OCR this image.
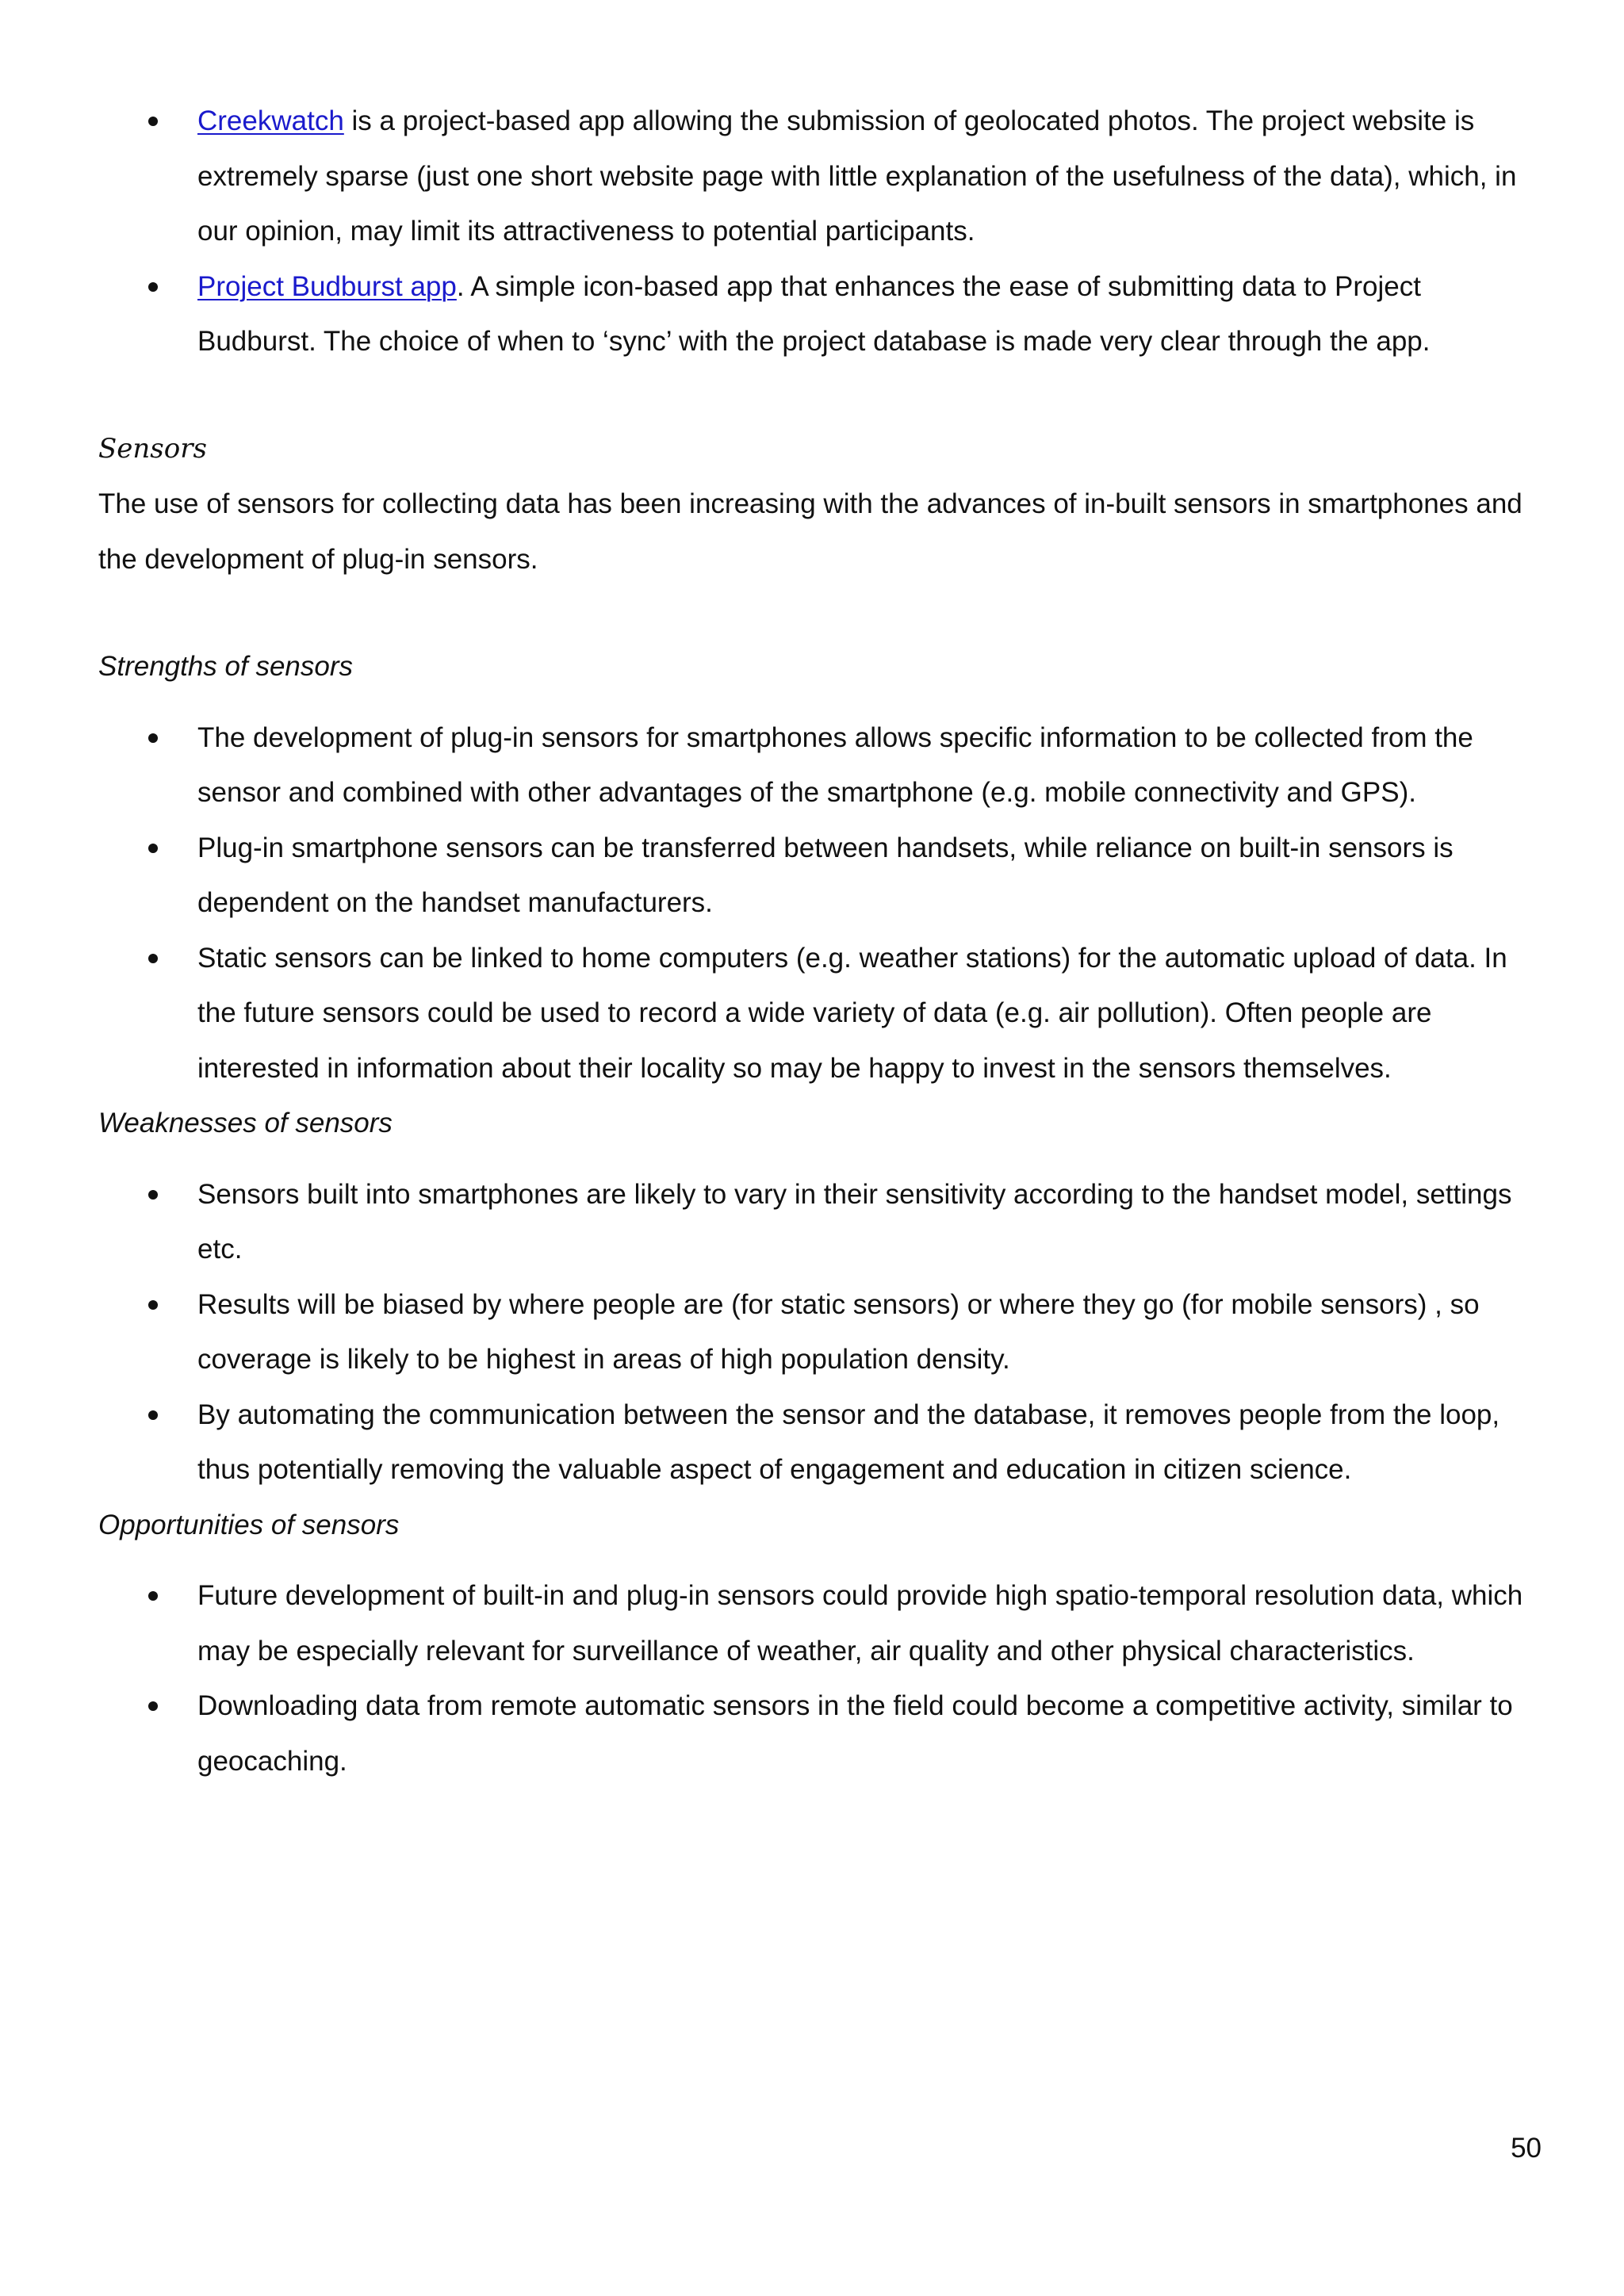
Creekwatch is a project-based app allowing the submission of geolocated photos. The project website is extremely sparse (just one short website page with little explanation of the usefulness of the data), which, in our opinion, may limit its attractiveness to potential participants.
Project Budburst app. A simple icon-based app that enhances the ease of submitting data to Project Budburst. The choice of when to ‘sync’ with the project database is made very clear through the app.

Sensors

The use of sensors for collecting data has been increasing with the advances of in-built sensors in smartphones and the development of plug-in sensors.

Strengths of sensors

The development of plug-in sensors for smartphones allows specific information to be collected from the sensor and combined with other advantages of the smartphone (e.g. mobile connectivity and GPS).
Plug-in smartphone sensors can be transferred between handsets, while reliance on built-in sensors is dependent on the handset manufacturers.
Static sensors can be linked to home computers (e.g. weather stations) for the automatic upload of data. In the future sensors could be used to record a wide variety of data (e.g. air pollution). Often people are interested in information about their locality so may be happy to invest in the sensors themselves.

Weaknesses of sensors

Sensors built into smartphones are likely to vary in their sensitivity according to the handset model, settings etc.
Results will be biased by where people are (for static sensors) or where they go (for mobile sensors) , so coverage is likely to be highest in areas of high population density.
By automating the communication between the sensor and the database, it removes people from the loop, thus potentially removing the valuable aspect of engagement and education in citizen science.

Opportunities of sensors

Future development of built-in and plug-in sensors could provide high spatio-temporal resolution data, which may be especially relevant for surveillance of weather, air quality and other physical characteristics.
Downloading data from remote automatic sensors in the field could become a competitive activity, similar to geocaching.
50
